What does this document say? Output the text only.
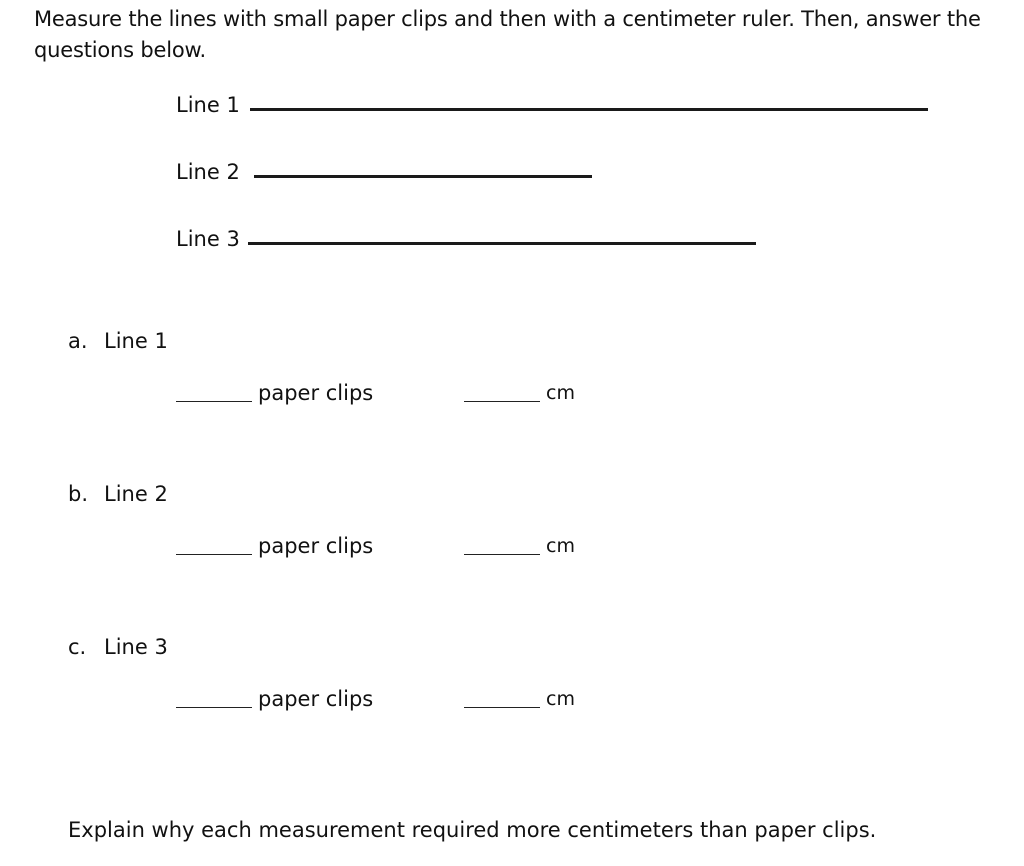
Measure the lines with small paper clips and then with a centimeter ruler. Then, answer the questions below.

Line 1
Line 2
Line 3
a. Line 1
paper clips	cm
b. Line 2
paper clips	cm
c. Line 3
paper clips	cm

Explain why each measurement required more centimeters than paper clips.
